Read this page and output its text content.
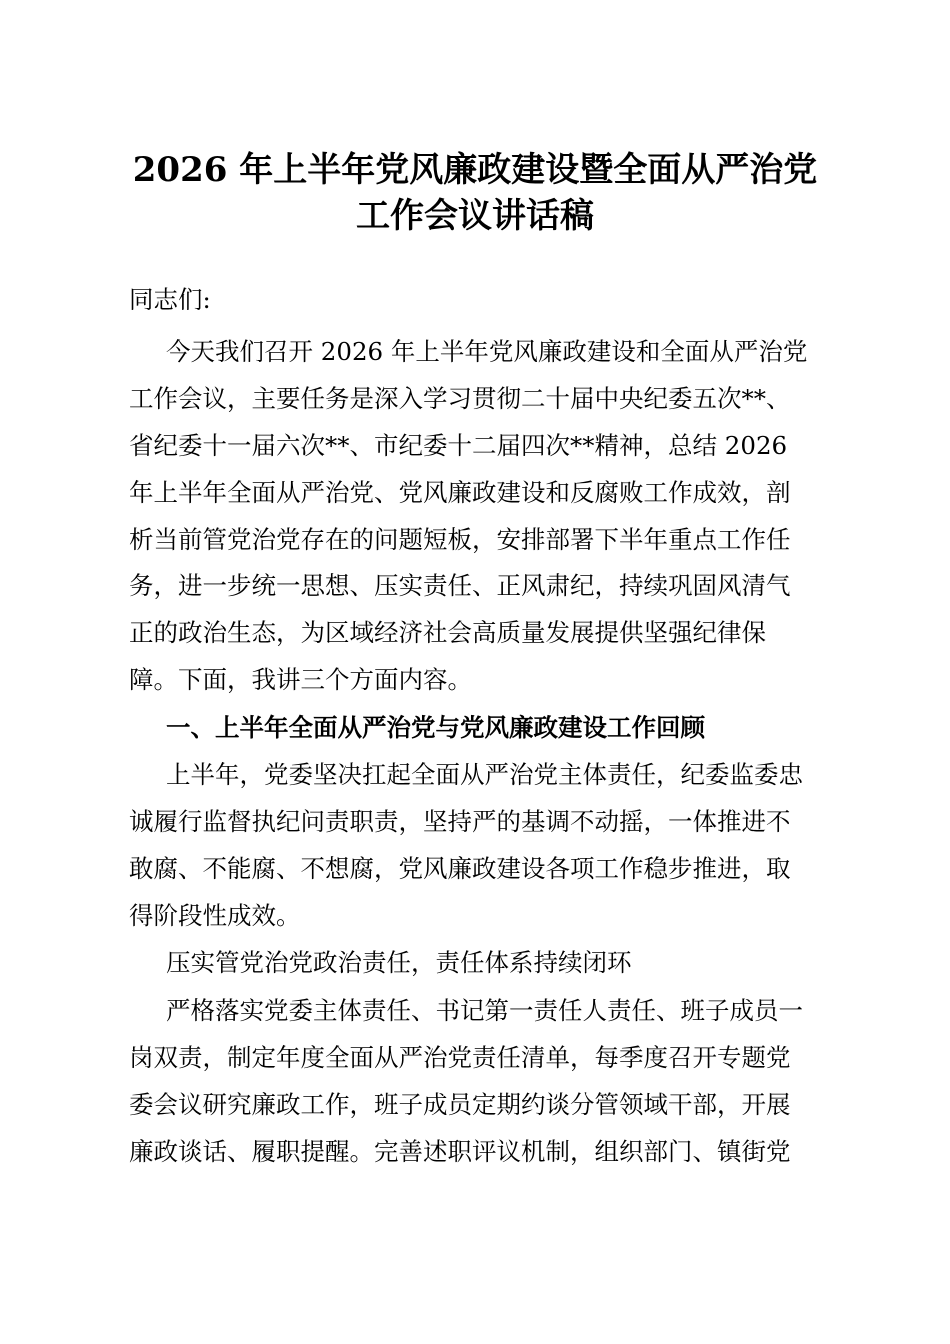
2026 年上半年党风廉政建设暨全面从严治党
工作会议讲话稿

同志们:

今天我们召开 2026 年上半年党风廉政建设和全面从严治党

工作会议，主要任务是深入学习贯彻二十届中央纪委五次**、

省纪委十一届六次**、市纪委十二届四次**精神，总结 2026

年上半年全面从严治党、党风廉政建设和反腐败工作成效，剖

析当前管党治党存在的问题短板，安排部署下半年重点工作任

务，进一步统一思想、压实责任、正风肃纪，持续巩固风清气

正的政治生态，为区域经济社会高质量发展提供坚强纪律保

障。下面，我讲三个方面内容。

一、上半年全面从严治党与党风廉政建设工作回顾

上半年，党委坚决扛起全面从严治党主体责任，纪委监委忠

诚履行监督执纪问责职责，坚持严的基调不动摇，一体推进不

敢腐、不能腐、不想腐，党风廉政建设各项工作稳步推进，取

得阶段性成效。

压实管党治党政治责任，责任体系持续闭环

严格落实党委主体责任、书记第一责任人责任、班子成员一

岗双责，制定年度全面从严治党责任清单，每季度召开专题党

委会议研究廉政工作，班子成员定期约谈分管领域干部，开展

廉政谈话、履职提醒。完善述职评议机制，组织部门、镇街党
